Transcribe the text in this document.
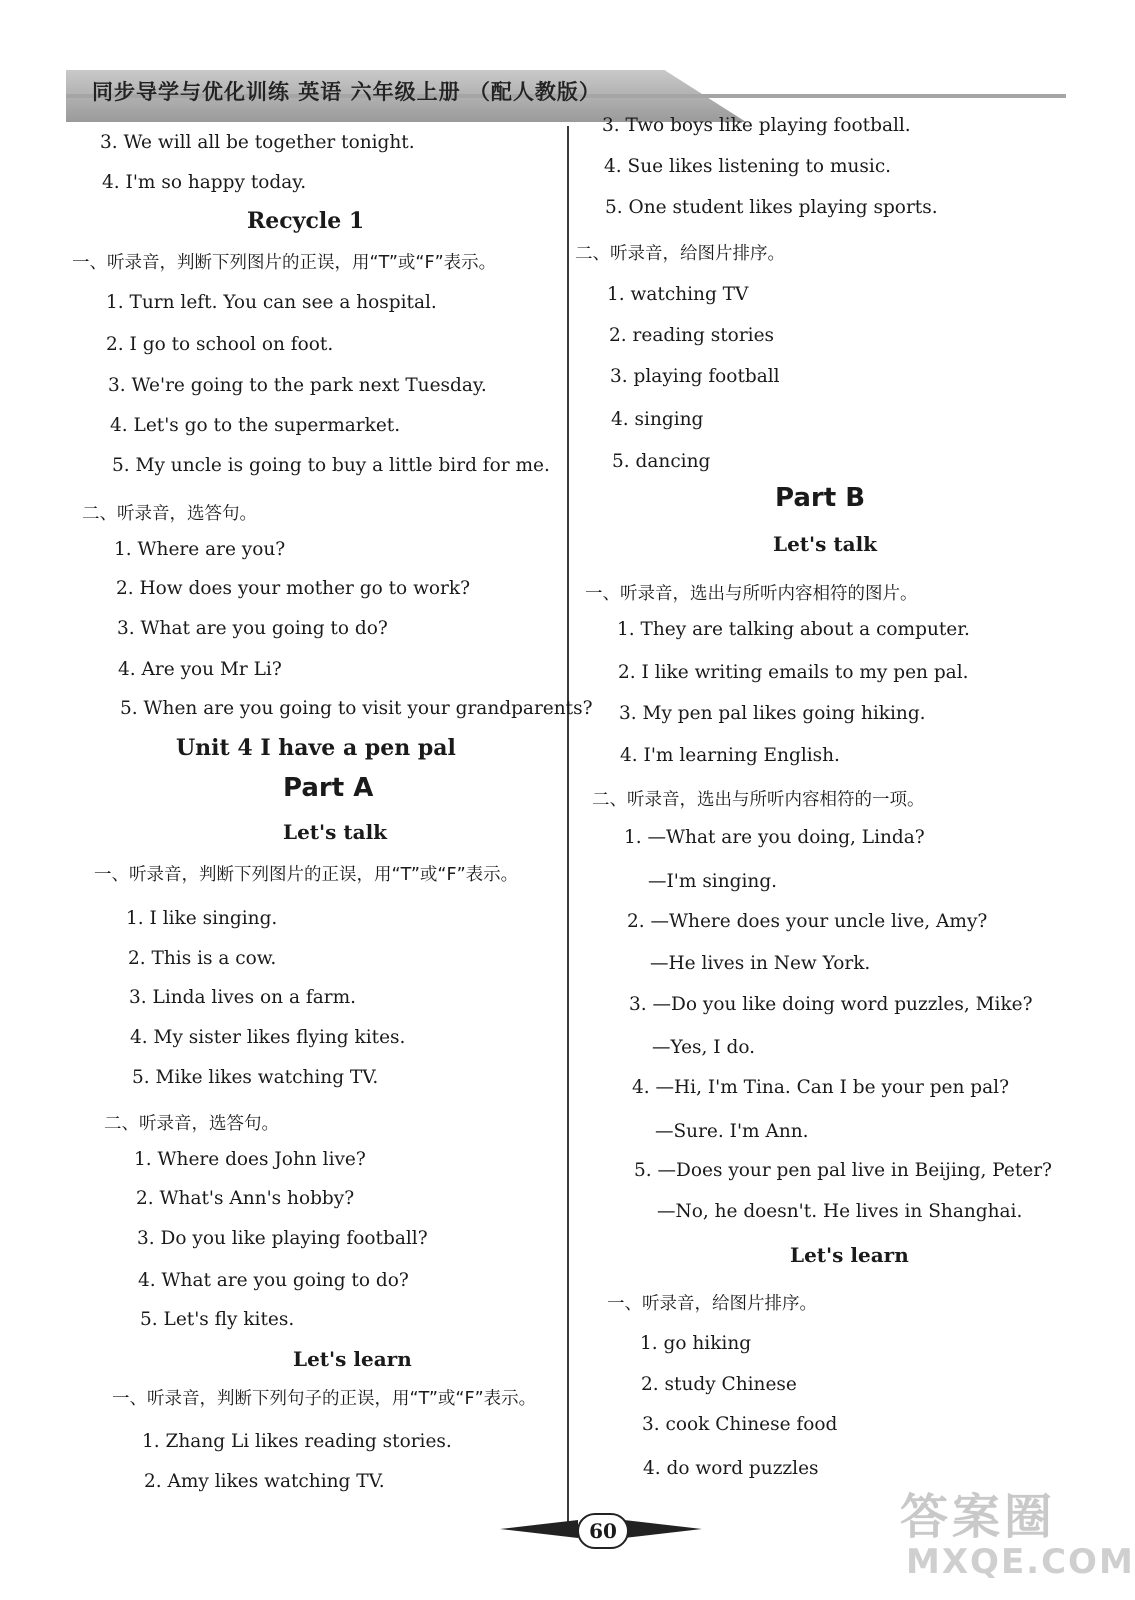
同步导学与优化训练 英语 六年级上册 （配人教版）
3. We will all be together tonight.
4. I'm so happy today.
Recycle 1
一、听录音，判断下列图片的正误，用“T”或“F”表示。
1. Turn left. You can see a hospital.
2. I go to school on foot.
3. We're going to the park next Tuesday.
4. Let's go to the supermarket.
5. My uncle is going to buy a little bird for me.
二、听录音，选答句。
1. Where are you?
2. How does your mother go to work?
3. What are you going to do?
4. Are you Mr Li?
5. When are you going to visit your grandparents?
Unit 4 I have a pen pal
Part A
Let's talk
一、听录音，判断下列图片的正误，用“T”或“F”表示。
1. I like singing.
2. This is a cow.
3. Linda lives on a farm.
4. My sister likes flying kites.
5. Mike likes watching TV.
二、听录音，选答句。
1. Where does John live?
2. What's Ann's hobby?
3. Do you like playing football?
4. What are you going to do?
5. Let's fly kites.
Let's learn
一、听录音，判断下列句子的正误，用“T”或“F”表示。
1. Zhang Li likes reading stories.
2. Amy likes watching TV.
3. Two boys like playing football.
4. Sue likes listening to music.
5. One student likes playing sports.
二、听录音，给图片排序。
1. watching TV
2. reading stories
3. playing football
4. singing
5. dancing
Part B
Let's talk
一、听录音，选出与所听内容相符的图片。
1. They are talking about a computer.
2. I like writing emails to my pen pal.
3. My pen pal likes going hiking.
4. I'm learning English.
二、听录音，选出与所听内容相符的一项。
1. —What are you doing, Linda?
—I'm singing.
2. —Where does your uncle live, Amy?
—He lives in New York.
3. —Do you like doing word puzzles, Mike?
—Yes, I do.
4. —Hi, I'm Tina. Can I be your pen pal?
—Sure. I'm Ann.
5. —Does your pen pal live in Beijing, Peter?
—No, he doesn't. He lives in Shanghai.
Let's learn
一、听录音，给图片排序。
1. go hiking
2. study Chinese
3. cook Chinese food
4. do word puzzles
60	答案圈
MXQE.COM
